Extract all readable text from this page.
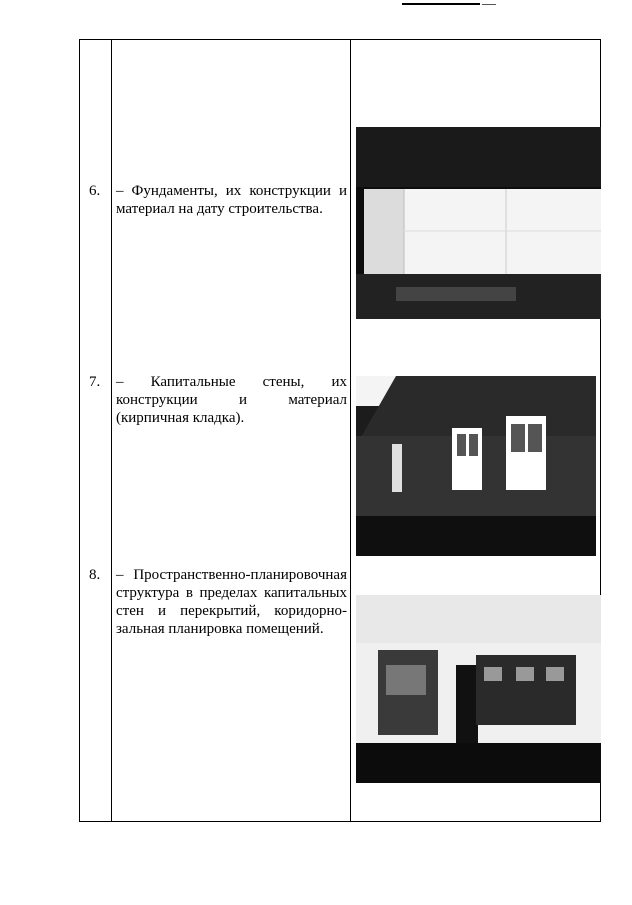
6. – Фундаменты, их конструкции и
материал на дату строительства.
7. – Капитальные стены, их
конструкции и материал
(кирпичная кладка).
8. – Пространственно-планировочная
структура в пределах капитальных
стен и перекрытий, коридорно-
зальная планировка помещений.
